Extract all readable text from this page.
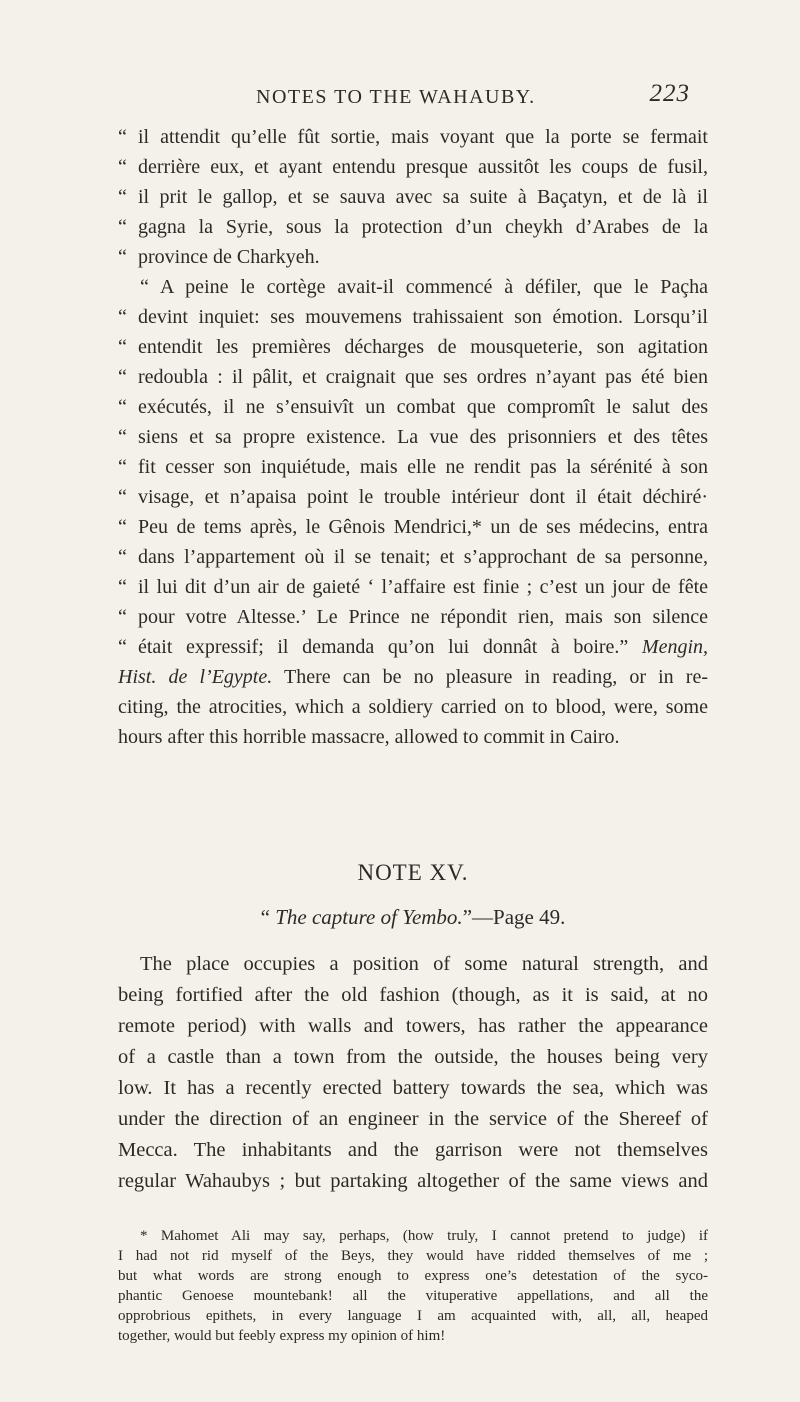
NOTES TO THE WAHAUBY.	223
“ il attendit qu’elle fût sortie, mais voyant que la porte se fermait
“ derrière eux, et ayant entendu presque aussitôt les coups de fusil,
“ il prit le gallop, et se sauva avec sa suite à Baçatyn, et de là il
“ gagna la Syrie, sous la protection d’un cheykh d’Arabes de la
“ province de Charkyeh.
“ A peine le cortège avait-il commencé à défiler, que le Paçha
“ devint inquiet: ses mouvemens trahissaient son émotion. Lorsqu’il
“ entendit les premières décharges de mousqueterie, son agitation
“ redoubla : il pâlit, et craignait que ses ordres n’ayant pas été bien
“ exécutés, il ne s’ensuivît un combat que compromît le salut des
“ siens et sa propre existence. La vue des prisonniers et des têtes
“ fit cesser son inquiétude, mais elle ne rendit pas la sérénité à son
“ visage, et n’apaisa point le trouble intérieur dont il était déchiré·
“ Peu de tems après, le Gênois Mendrici,* un de ses médecins, entra
“ dans l’appartement où il se tenait; et s’approchant de sa personne,
“ il lui dit d’un air de gaieté ‘ l’affaire est finie ; c’est un jour de fête
“ pour votre Altesse.’ Le Prince ne répondit rien, mais son silence
“ était expressif; il demanda qu’on lui donnât à boire.” Mengin,
Hist. de l’Egypte. There can be no pleasure in reading, or in re-
citing, the atrocities, which a soldiery carried on to blood, were, some
hours after this horrible massacre, allowed to commit in Cairo.
NOTE XV.
“ The capture of Yembo.”—Page 49.
The place occupies a position of some natural strength, and
being fortified after the old fashion (though, as it is said, at no
remote period) with walls and towers, has rather the appearance
of a castle than a town from the outside, the houses being very
low. It has a recently erected battery towards the sea, which was
under the direction of an engineer in the service of the Shereef of
Mecca. The inhabitants and the garrison were not themselves
regular Wahaubys ; but partaking altogether of the same views and
* Mahomet Ali may say, perhaps, (how truly, I cannot pretend to judge) if
I had not rid myself of the Beys, they would have ridded themselves of me ;
but what words are strong enough to express one’s detestation of the syco-
phantic Genoese mountebank! all the vituperative appellations, and all the
opprobrious epithets, in every language I am acquainted with, all, all, heaped
together, would but feebly express my opinion of him!
